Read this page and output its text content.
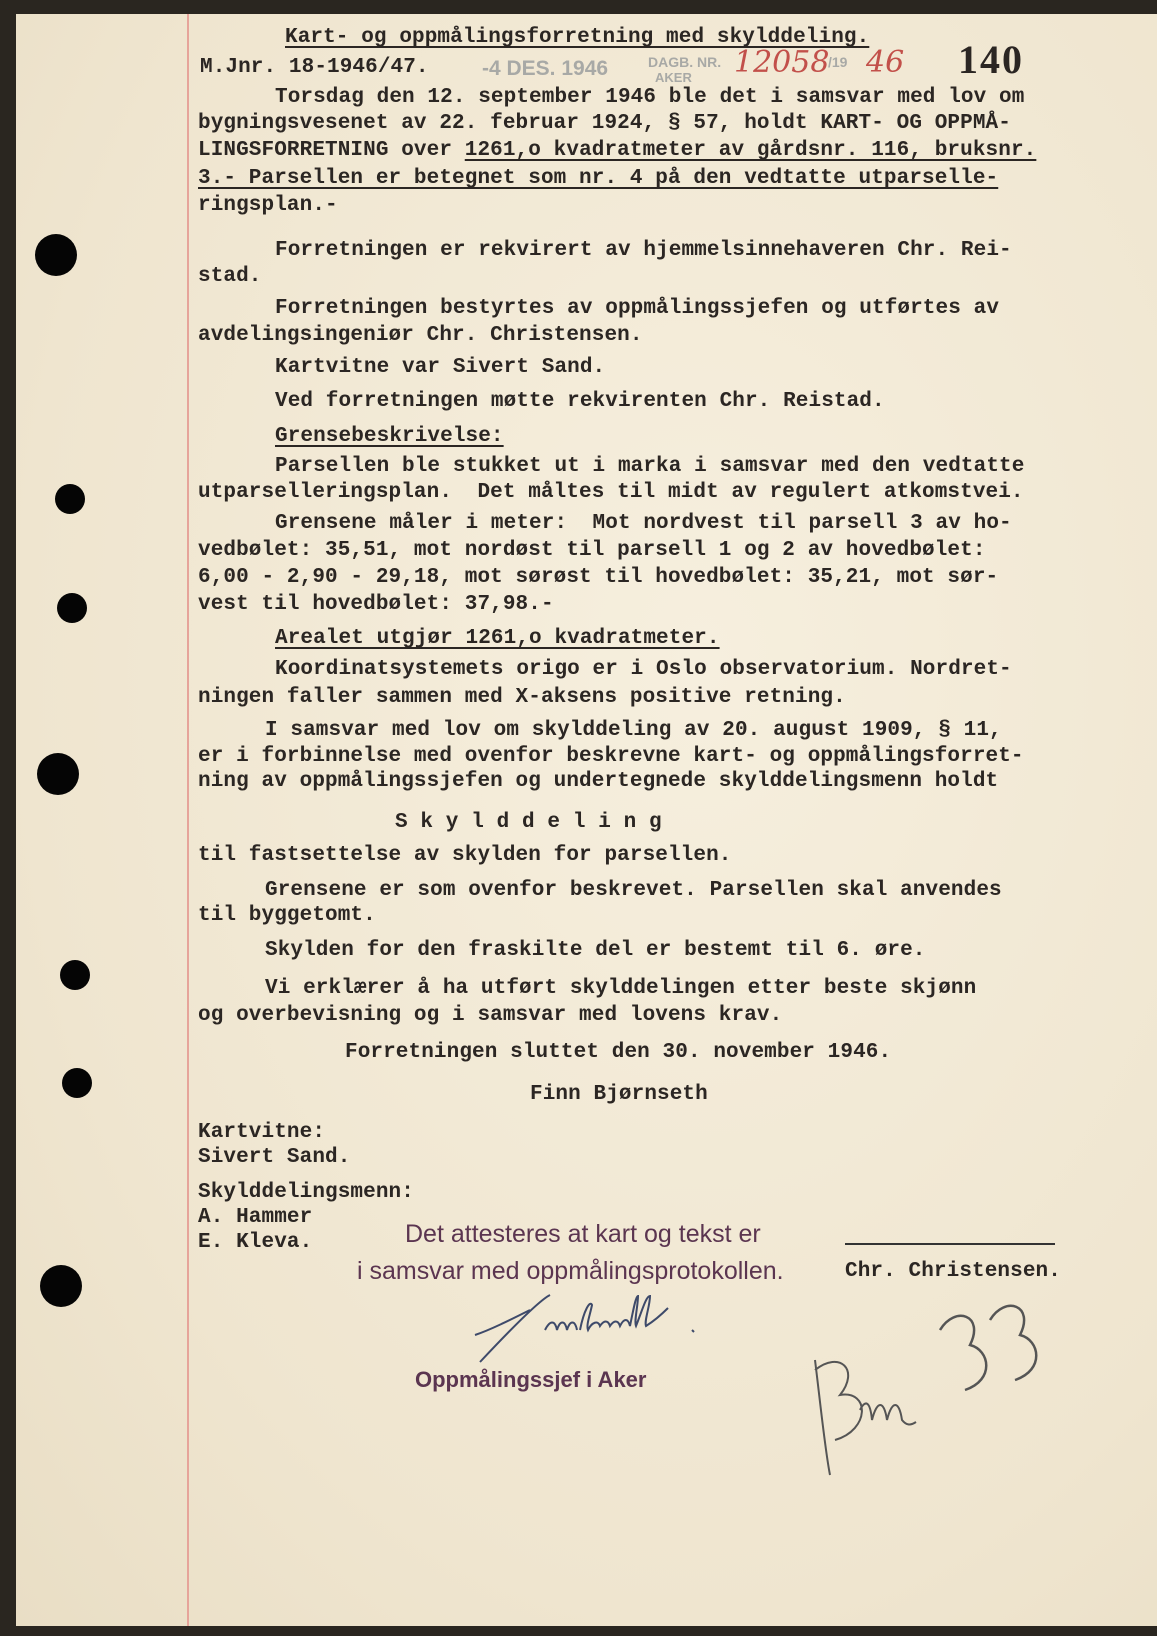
Kart- og oppmålingsforretning med skylddeling. 140
M.Jnr. 18-1946/47.	-4 DES. 1946	DAGB. NR. 12058
/19 46
AKER
Torsdag den 12. september 1946 ble det i samsvar med lov om
bygningsvesenet av 22. februar 1924, § 57, holdt KART- OG OPPMÅ-
LINGSFORRETNING over 1261,o kvadratmeter av gårdsnr. 116, bruksnr.
3.- Parsellen er betegnet som nr. 4 på den vedtatte utparselle-
ringsplan.-
Forretningen er rekvirert av hjemmelsinnehaveren Chr. Rei-
stad.
Forretningen bestyrtes av oppmålingssjefen og utførtes av
avdelingsingeniør Chr. Christensen.
Kartvitne var Sivert Sand.
Ved forretningen møtte rekvirenten Chr. Reistad.
Grensebeskrivelse:
Parsellen ble stukket ut i marka i samsvar med den vedtatte
utparselleringsplan.  Det måltes til midt av regulert atkomstvei.
Grensene måler i meter:  Mot nordvest til parsell 3 av ho-
vedbølet: 35,51, mot nordøst til parsell 1 og 2 av hovedbølet:
6,00 - 2,90 - 29,18, mot sørøst til hovedbølet: 35,21, mot sør-
vest til hovedbølet: 37,98.-
Arealet utgjør 1261,o kvadratmeter.
Koordinatsystemets origo er i Oslo observatorium. Nordret-
ningen faller sammen med X-aksens positive retning.
I samsvar med lov om skylddeling av 20. august 1909, § 11,
er i forbinnelse med ovenfor beskrevne kart- og oppmålingsforret-
ning av oppmålingssjefen og undertegnede skylddelingsmenn holdt
S k y l d d e l i n g
til fastsettelse av skylden for parsellen.
Grensene er som ovenfor beskrevet. Parsellen skal anvendes
til byggetomt.
Skylden for den fraskilte del er bestemt til 6. øre.
Vi erklærer å ha utført skylddelingen etter beste skjønn
og overbevisning og i samsvar med lovens krav.
Forretningen sluttet den 30. november 1946.
Finn Bjørnseth
Kartvitne:
Sivert Sand.
Skylddelingsmenn:
A. Hammer
E. Kleva.	Det attesteres at kart og tekst er
i samsvar med oppmålingsprotokollen.	Chr. Christensen.
Oppmålingssjef i Aker
